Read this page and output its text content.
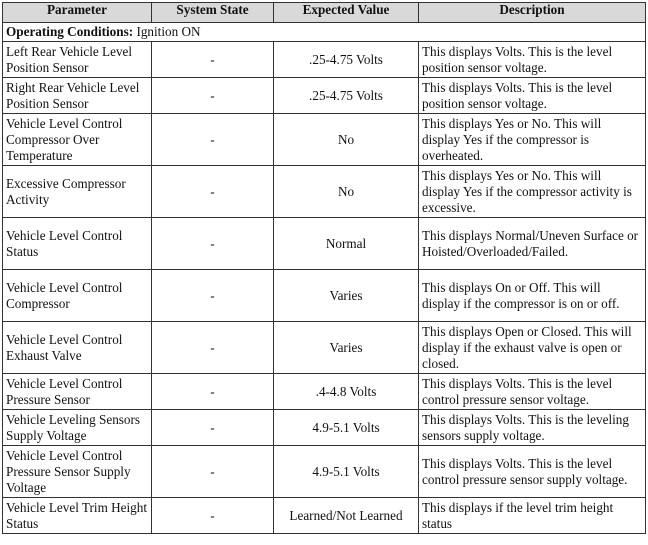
Parameter	System State	Expected Value	Description

Operating Conditions: Ignition ON			
Left Rear Vehicle Level Position Sensor	-	.25-4.75 Volts	This displays Volts. This is the level position sensor voltage.
Right Rear Vehicle Level Position Sensor	-	.25-4.75 Volts	This displays Volts. This is the level position sensor voltage.
Vehicle Level Control Compressor Over Temperature	-	No	This displays Yes or No. This will display Yes if the compressor is overheated.
Excessive Compressor Activity	-	No	This displays Yes or No. This will display Yes if the compressor activity is excessive.
Vehicle Level Control Status	-	Normal	This displays Normal/Uneven Surface or Hoisted/Overloaded/Failed.
Vehicle Level Control Compressor	-	Varies	This displays On or Off. This will display if the compressor is on or off.
Vehicle Level Control Exhaust Valve	-	Varies	This displays Open or Closed. This will display if the exhaust valve is open or closed.
Vehicle Level Control Pressure Sensor	-	.4-4.8 Volts	This displays Volts. This is the level control pressure sensor voltage.
Vehicle Leveling Sensors Supply Voltage	-	4.9-5.1 Volts	This displays Volts. This is the leveling sensors supply voltage.
Vehicle Level Control Pressure Sensor Supply Voltage	-	4.9-5.1 Volts	This displays Volts. This is the level control pressure sensor supply voltage.
Vehicle Level Trim Height Status	-	Learned/Not Learned	This displays if the level trim height status
